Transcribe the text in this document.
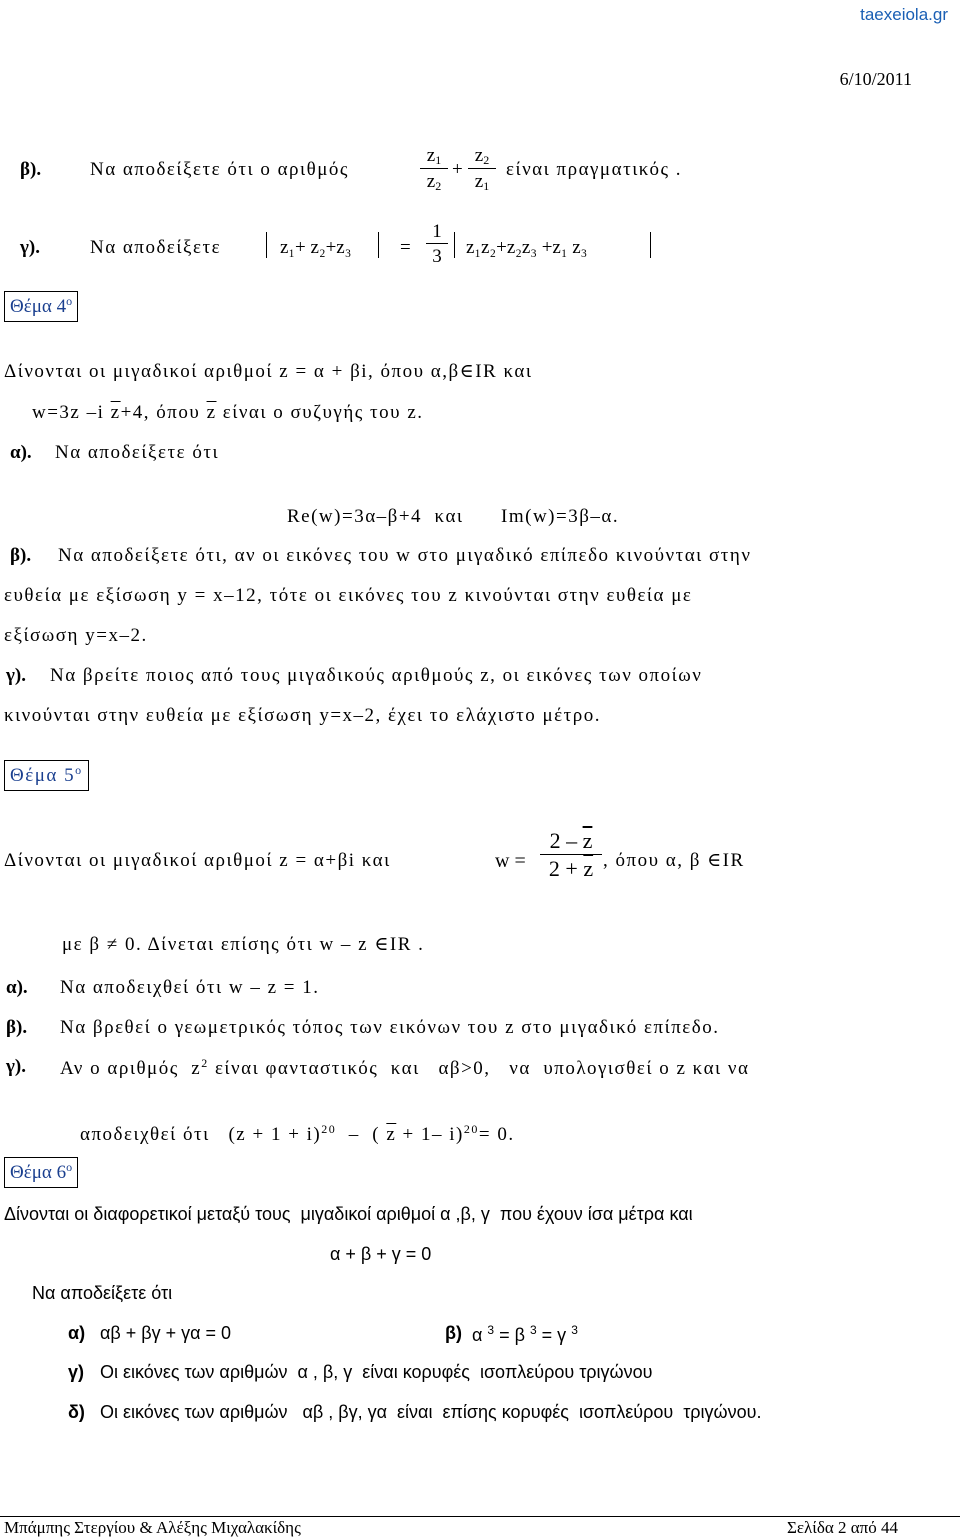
taexeiola.gr
6/10/2011
β).	Να αποδείξετε ότι ο αριθμός	$\frac{z_1}{z_2} + \frac{z_2}{z_1}$ είναι πραγματικός .
γ).	Να αποδείξετε	z₁+ z₂+z₃	= $\frac{1}{3} z_1z_2+z_2z_3 +z_1$ z₃
Θέμα $4^o$
Δίνονται οι μιγαδικοί αριθμοί z = α + βi, όπου α,β∈IR και
w=3z –i $\overline{z}+4$, όπου $\overline{z}$ είναι ο συζυγής του z.
α). Να αποδείξετε ότι
Re(w)=3α–β+4  και      Im(w)=3β–α.
β). Να αποδείξετε ότι, αν οι εικόνες του w στο μιγαδικό επίπεδο κινούνται στην
ευθεία με εξίσωση y = x–12, τότε οι εικόνες του z κινούνται στην ευθεία με
εξίσωση y=x–2.
γ). Να βρείτε ποιος από τους μιγαδικούς αριθμούς z, οι εικόνες των οποίων
κινούνται στην ευθεία με εξίσωση y=x–2, έχει το ελάχιστο μέτρο.
Θέμα $5^o$
Δίνονται οι μιγαδικοί αριθμοί z = α+βi και	$w = \frac{2 - \overline{z}}{2 + \overline{z}}$ , όπου α, β ∈IR
με β ≠ 0. Δίνεται επίσης ότι w – z ∈IR .
α). Να αποδειχθεί ότι w – z = 1.
β). Να βρεθεί ο γεωμετρικός τόπος των εικόνων του z στο μιγαδικό επίπεδο.
γ). Αν ο αριθμός  $z^2$ είναι φανταστικός  και   αβ>0,   να  υπολογισθεί ο z και να
αποδειχθεί ότι   $(z + 1 + i)^{20}$  –  ( $\overline{z} + 1-$ i)$^{20}$= 0.
Θέμα $6^o$
Δίνονται οι διαφορετικοί μεταξύ τους  μιγαδικοί αριθμοί α ,β, γ  που έχουν ίσα μέτρα και
α + β + γ = 0
Να αποδείξετε ότι
α) αβ + βγ + γα = 0	β) α $^3$ = β $^3$ = γ $^3$
γ) Οι εικόνες των αριθμών  α , β, γ  είναι κορυφές  ισοπλεύρου τριγώνου
δ) Οι εικόνες των αριθμών   αβ , βγ, γα  είναι  επίσης κορυφές  ισοπλεύρου  τριγώνου.
Μπάμπης Στεργίου & Αλέξης Μιχαλακίδης	Σελίδα 2 από 44
